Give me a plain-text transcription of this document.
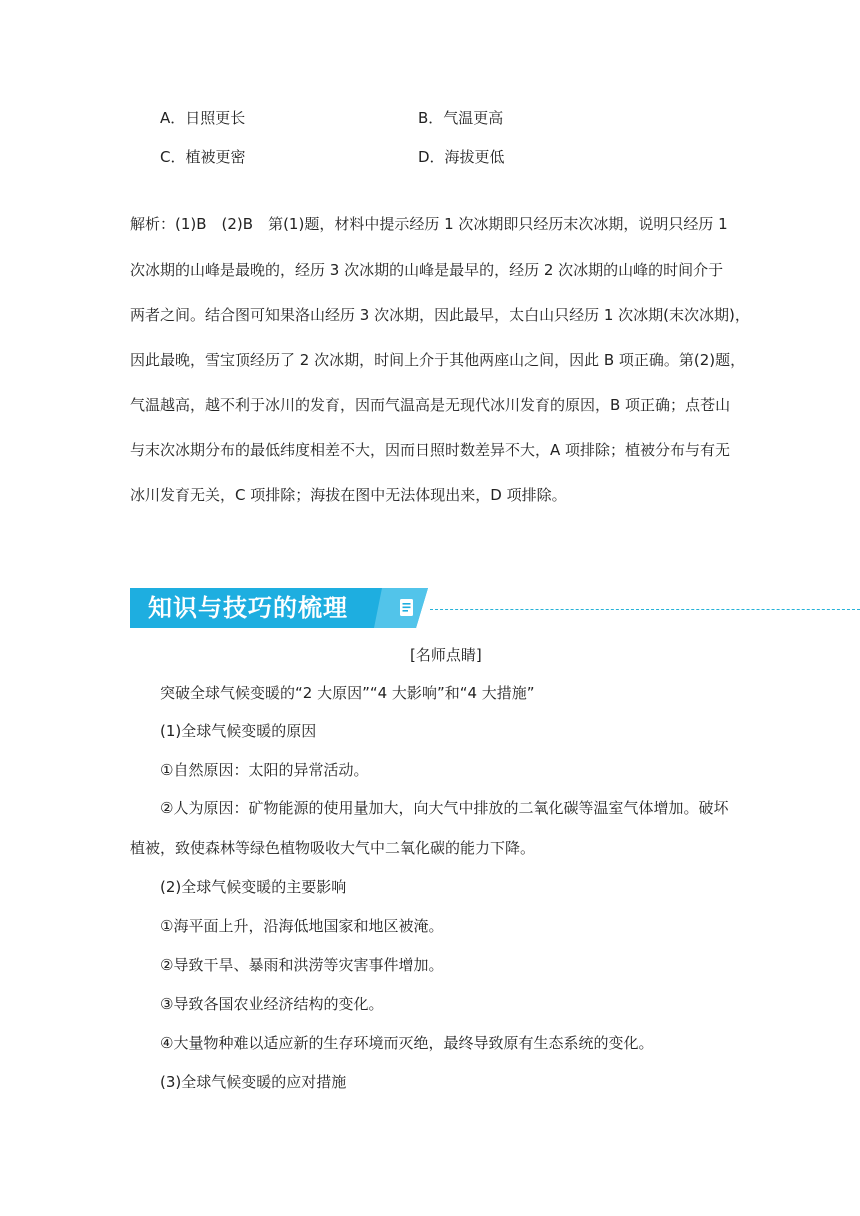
A．日照更长	B．气温更高
C．植被更密	D．海拔更低
解析：(1)B　(2)B　第(1)题，材料中提示经历 1 次冰期即只经历末次冰期，说明只经历 1
次冰期的山峰是最晚的，经历 3 次冰期的山峰是最早的，经历 2 次冰期的山峰的时间介于
两者之间。结合图可知果洛山经历 3 次冰期，因此最早，太白山只经历 1 次冰期(末次冰期)，
因此最晚，雪宝顶经历了 2 次冰期，时间上介于其他两座山之间，因此 B 项正确。第(2)题，
气温越高，越不利于冰川的发育，因而气温高是无现代冰川发育的原因，B 项正确；点苍山
与末次冰期分布的最低纬度相差不大，因而日照时数差异不大，A 项排除；植被分布与有无
冰川发育无关，C 项排除；海拔在图中无法体现出来，D 项排除。
知识与技巧的梳理
[名师点睛]
突破全球气候变暖的“2 大原因”“4 大影响”和“4 大措施”
(1)全球气候变暖的原因
①自然原因：太阳的异常活动。
②人为原因：矿物能源的使用量加大，向大气中排放的二氧化碳等温室气体增加。破坏
植被，致使森林等绿色植物吸收大气中二氧化碳的能力下降。
(2)全球气候变暖的主要影响
①海平面上升，沿海低地国家和地区被淹。
②导致干旱、暴雨和洪涝等灾害事件增加。
③导致各国农业经济结构的变化。
④大量物种难以适应新的生存环境而灭绝，最终导致原有生态系统的变化。
(3)全球气候变暖的应对措施
